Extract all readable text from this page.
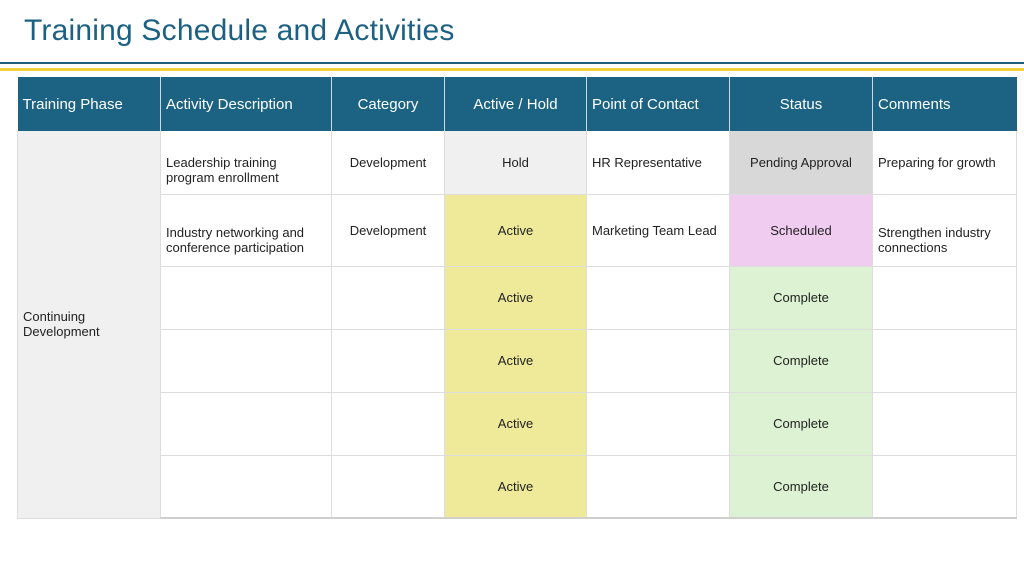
Training Schedule and Activities
Training Phase	Activity Description	Category	Active / Hold	Point of Contact	Status	Comments
Continuing Development	Leadership training program enrollment	Development	Hold	HR Representative	Pending Approval	Preparing for growth
	Industry networking and conference participation	Development	Active	Marketing Team Lead	Scheduled	Strengthen industry connections
			Active		Complete	
			Active		Complete	
			Active		Complete	
			Active		Complete	
